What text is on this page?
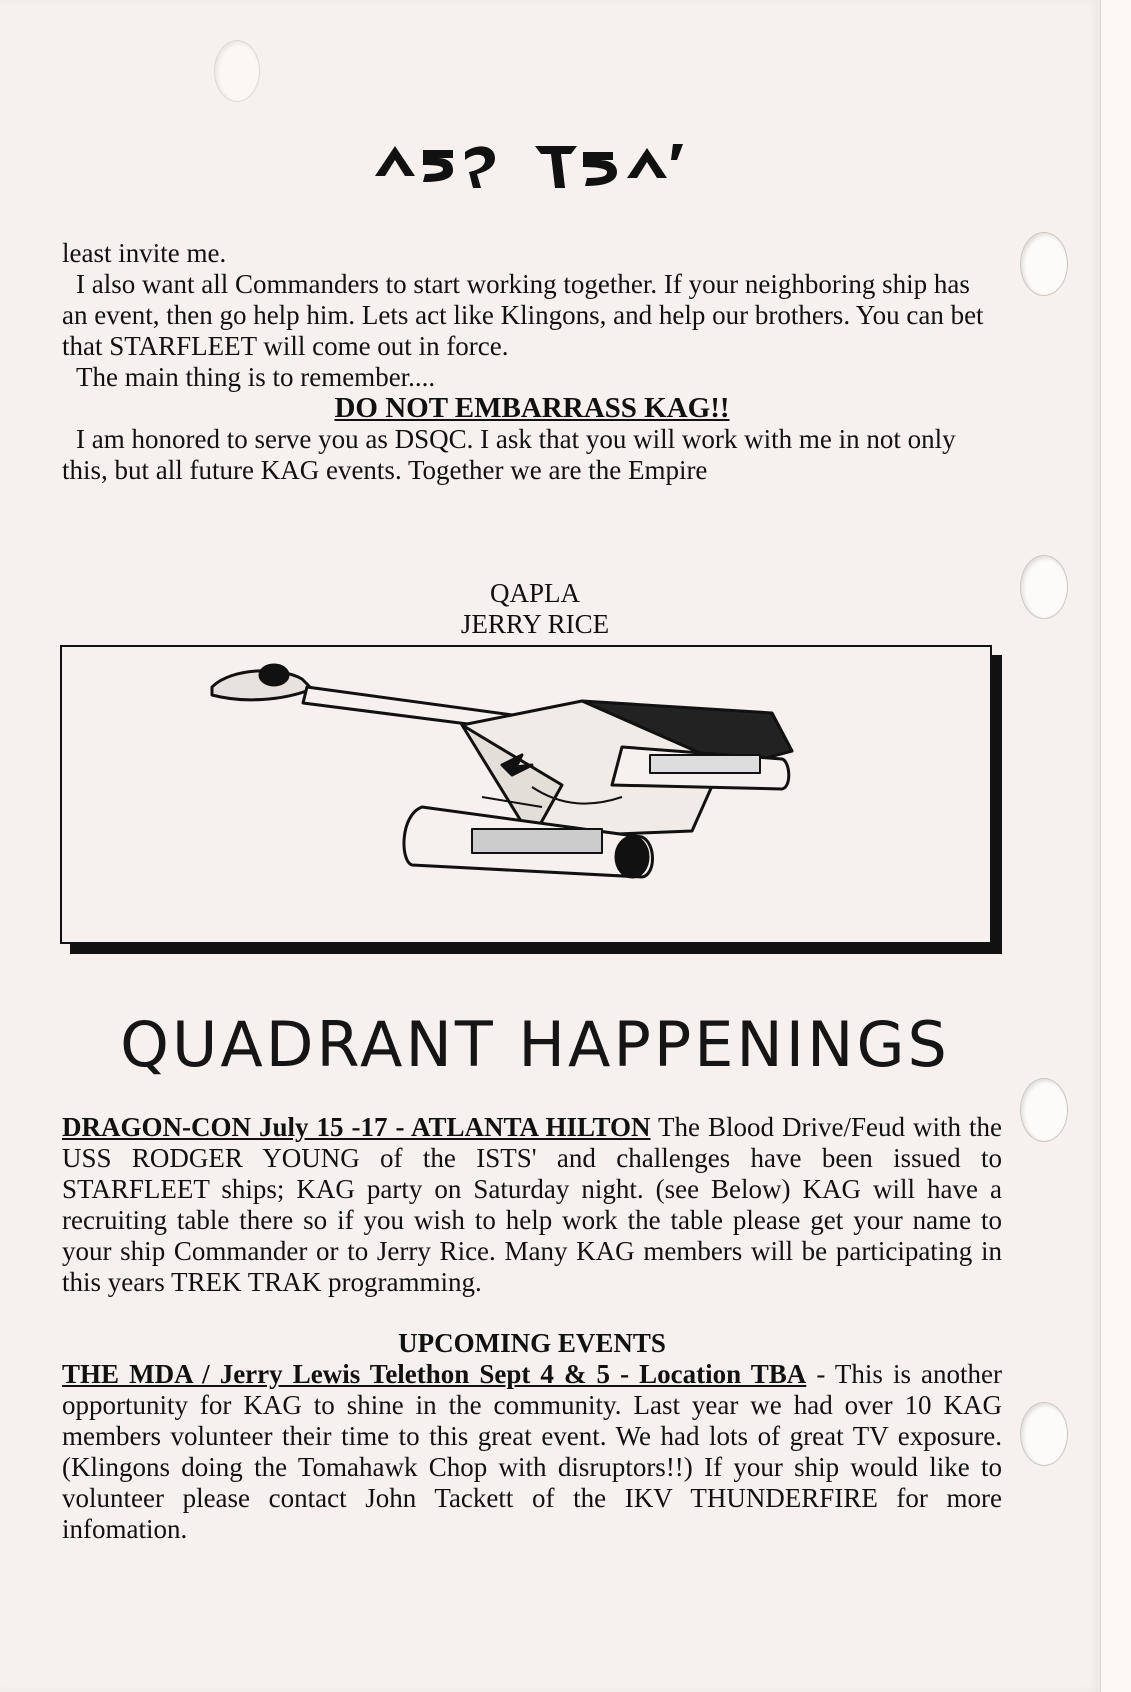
least invite me.

I also want all Commanders to start working together. If your neighboring ship has an event, then go help him. Lets act like Klingons, and help our brothers. You can bet that STARFLEET will come out in force.

The main thing is to remember....

DO NOT EMBARRASS KAG!!

I am honored to serve you as DSQC. I ask that you will work with me in not only this, but all future KAG events. Together we are the Empire

QAPLA
JERRY RICE
QUADRANT HAPPENINGS

DRAGON-CON July 15 -17 - ATLANTA HILTON The Blood Drive/Feud with the USS RODGER YOUNG of the ISTS' and challenges have been issued to STARFLEET ships; KAG party on Saturday night. (see Below) KAG will have a recruiting table there so if you wish to help work the table please get your name to your ship Commander or to Jerry Rice. Many KAG members will be participating in this years TREK TRAK programming.

UPCOMING EVENTS

THE MDA / Jerry Lewis Telethon Sept 4 & 5 - Location TBA - This is another opportunity for KAG to shine in the community. Last year we had over 10 KAG members volunteer their time to this great event. We had lots of great TV exposure. (Klingons doing the Tomahawk Chop with disruptors!!) If your ship would like to volunteer please contact John Tackett of the IKV THUNDERFIRE for more infomation.
